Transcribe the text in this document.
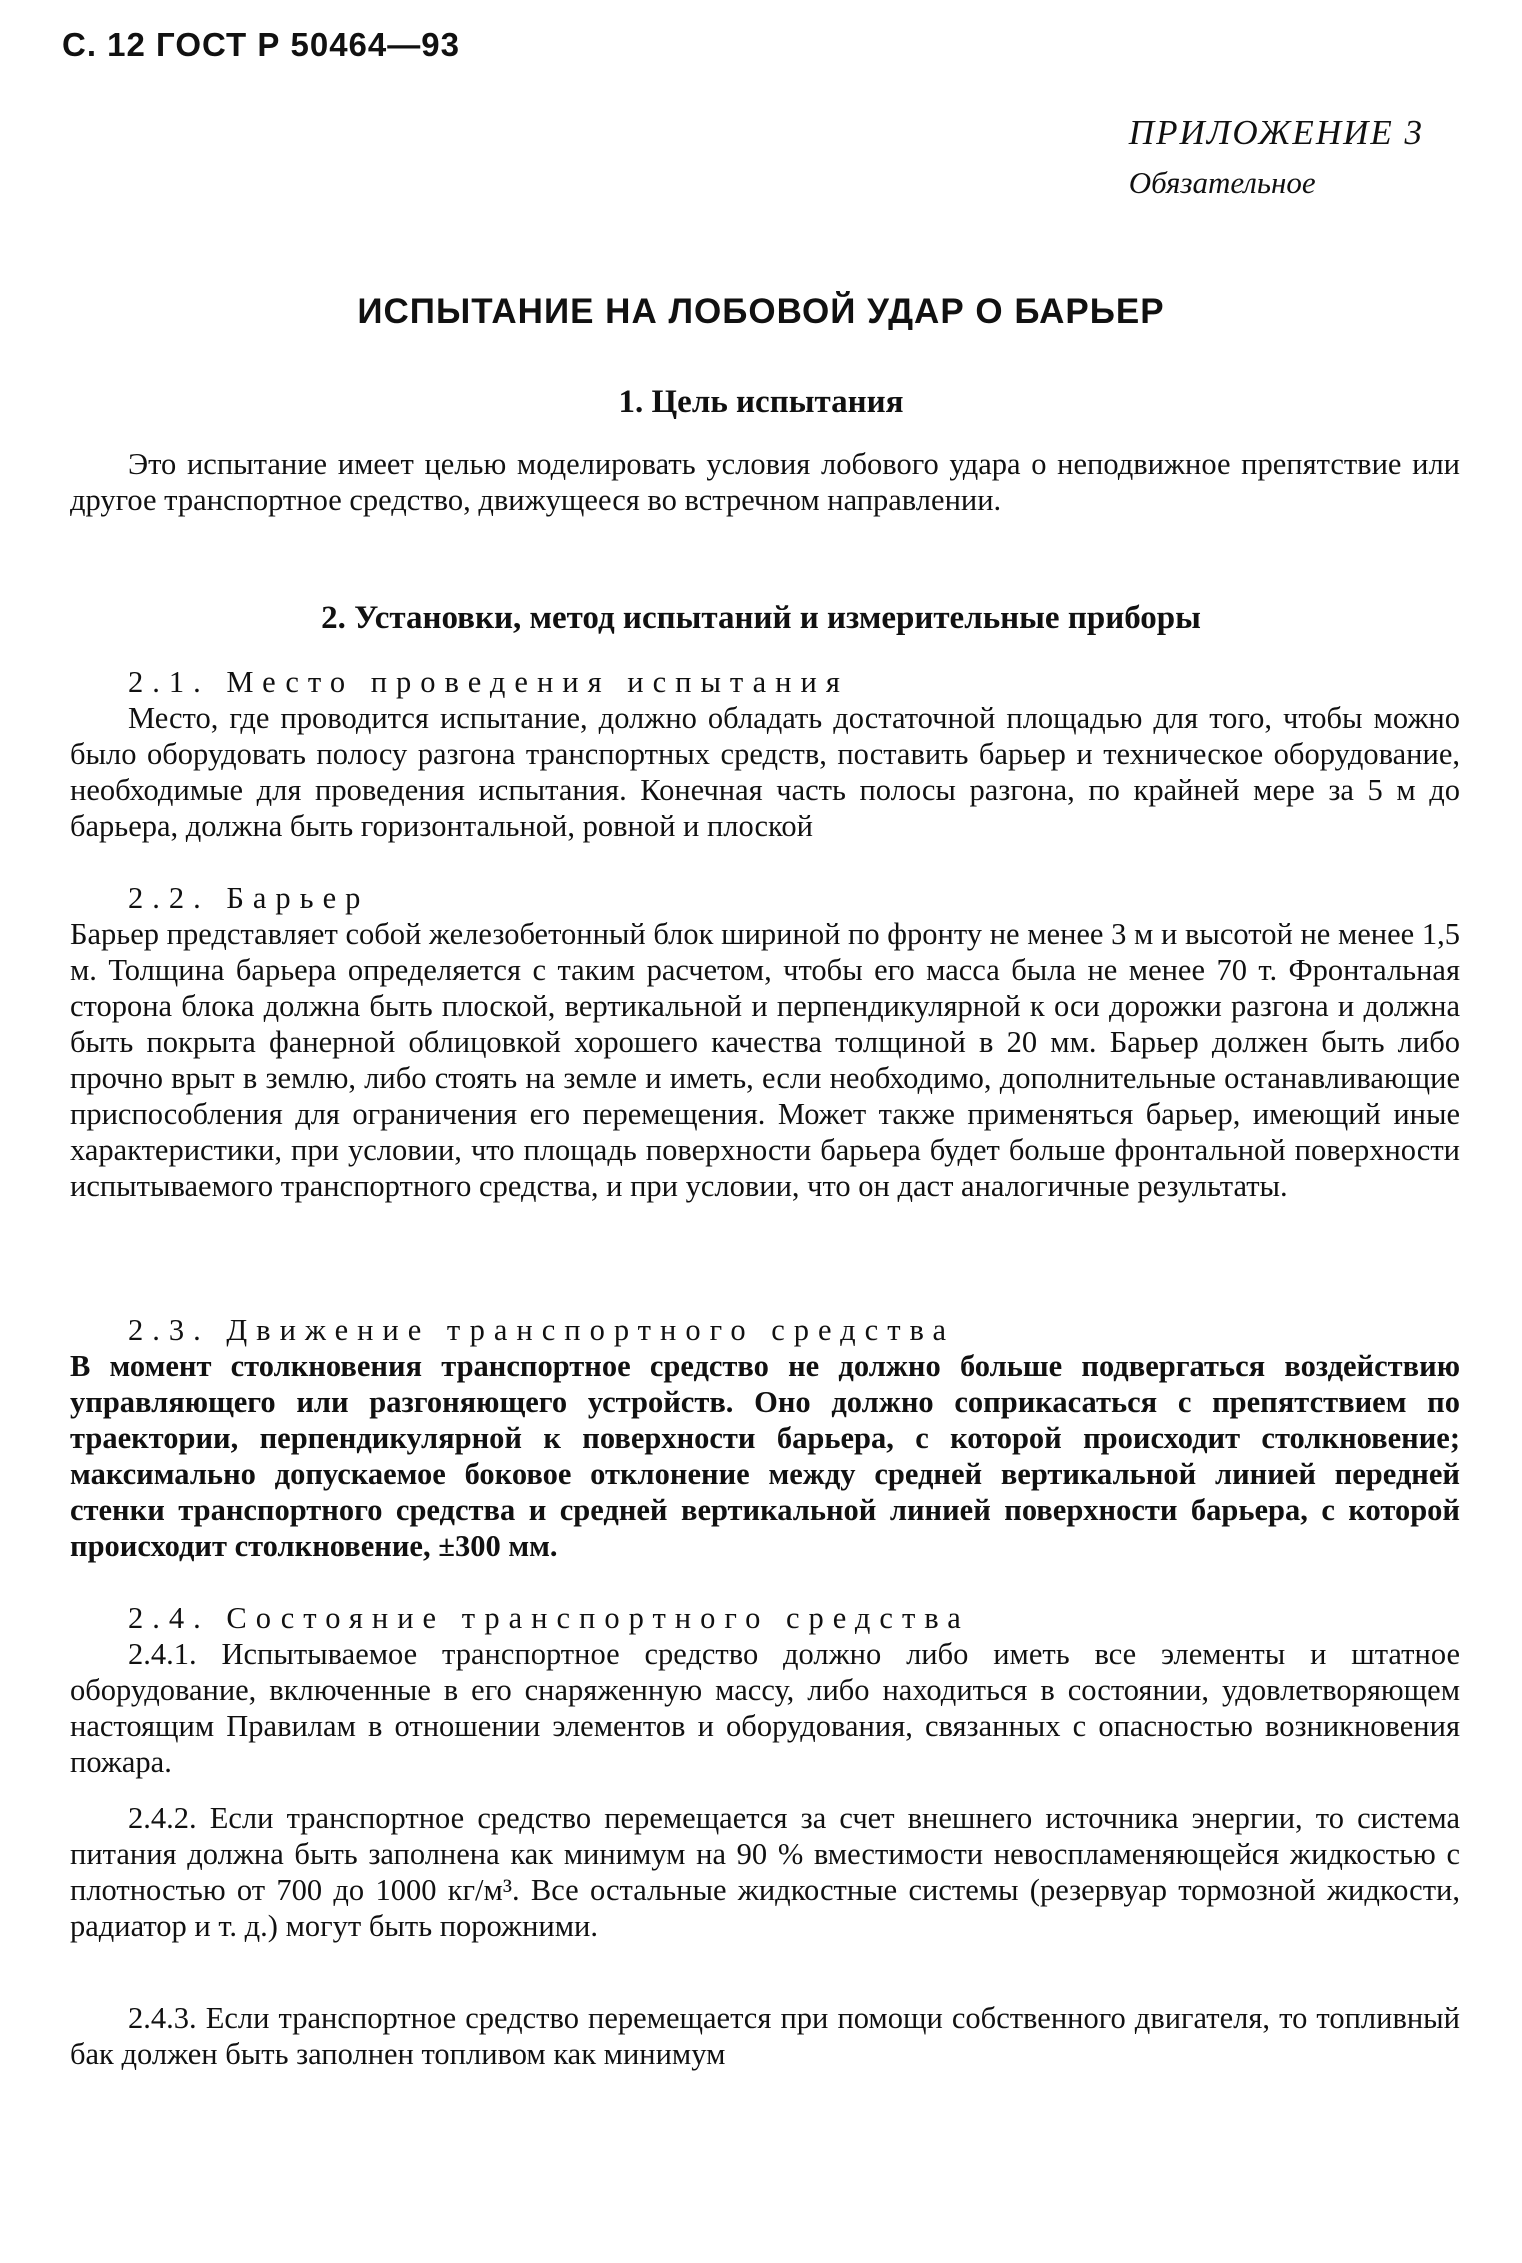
С. 12 ГОСТ Р 50464—93
ПРИЛОЖЕНИЕ 3
Обязательное
ИСПЫТАНИЕ НА ЛОБОВОЙ УДАР О БАРЬЕР
1. Цель испытания

Это испытание имеет целью моделировать условия лобового удара о неподвижное препятствие или другое транспортное средство, движущееся во встречном направлении.

2. Установки, метод испытаний и измерительные приборы

2.1. Место проведения испытания

Место, где проводится испытание, должно обладать достаточной площадью для того, чтобы можно было оборудовать полосу разгона транспортных средств, поставить барьер и техническое оборудование, необходимые для проведения испытания. Конечная часть полосы разгона, по крайней мере за 5 м до барьера, должна быть горизонтальной, ровной и плоской

2.2. Барьер

Барьер представляет собой железобетонный блок шириной по фронту не менее 3 м и высотой не менее 1,5 м. Толщина барьера определяется с таким расчетом, чтобы его масса была не менее 70 т. Фронтальная сторона блока должна быть плоской, вертикальной и перпендикулярной к оси дорожки разгона и должна быть покрыта фанерной облицовкой хорошего качества толщиной в 20 мм. Барьер должен быть либо прочно врыт в землю, либо стоять на земле и иметь, если необходимо, дополнительные останавливающие приспособления для ограничения его перемещения. Может также применяться барьер, имеющий иные характеристики, при условии, что площадь поверхности барьера будет больше фронтальной поверхности испытываемого транспортного средства, и при условии, что он даст аналогичные результаты.

2.3. Движение транспортного средства

В момент столкновения транспортное средство не должно больше подвергаться воздействию управляющего или разгоняющего устройств. Оно должно соприкасаться с препятствием по траектории, перпендикулярной к поверхности барьера, с которой происходит столкновение; максимально допускаемое боковое отклонение между средней вертикальной линией передней стенки транспортного средства и средней вертикальной линией поверхности барьера, с которой происходит столкновение, ±300 мм.

2.4. Состояние транспортного средства

2.4.1. Испытываемое транспортное средство должно либо иметь все элементы и штатное оборудование, включенные в его снаряженную массу, либо находиться в состоянии, удовлетворяющем настоящим Правилам в отношении элементов и оборудования, связанных с опасностью возникновения пожара.

2.4.2. Если транспортное средство перемещается за счет внешнего источника энергии, то система питания должна быть заполнена как минимум на 90 % вместимости невоспламеняющейся жидкостью с плотностью от 700 до 1000 кг/м³. Все остальные жидкостные системы (резервуар тормозной жидкости, радиатор и т. д.) могут быть порожними.

2.4.3. Если транспортное средство перемещается при помощи собственного двигателя, то топливный бак должен быть заполнен топливом как минимум
